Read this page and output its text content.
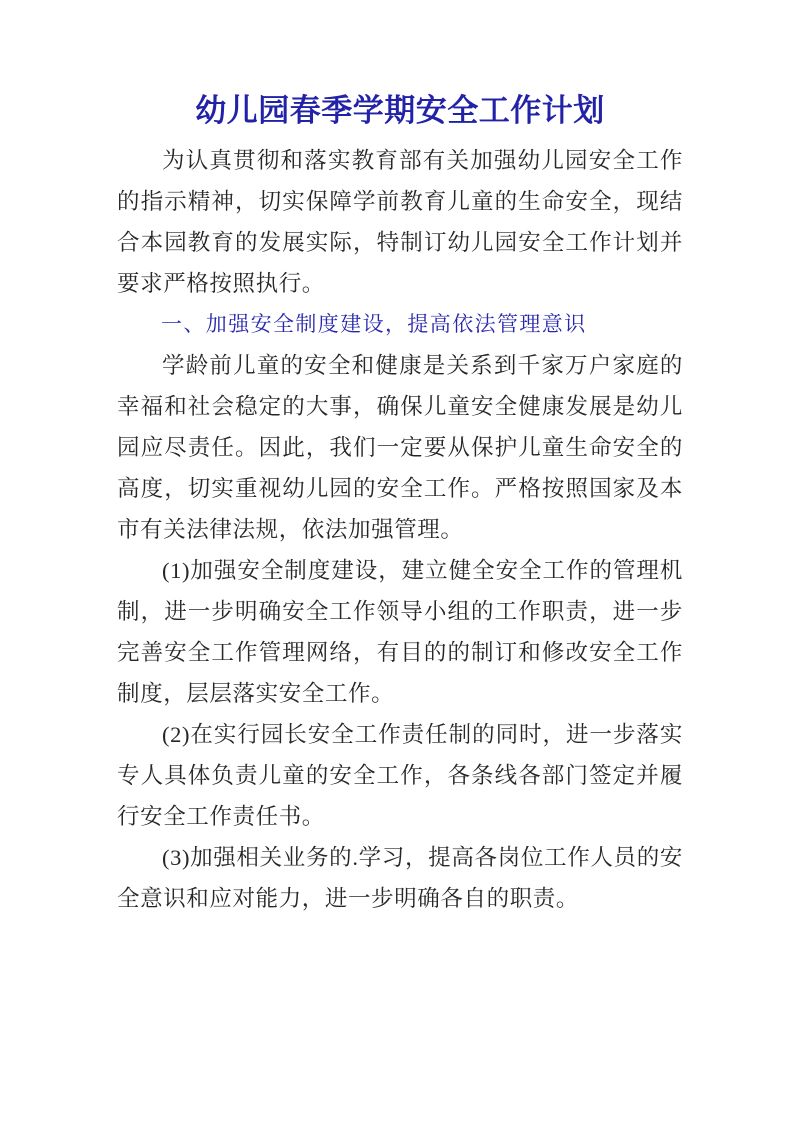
幼儿园春季学期安全工作计划

为认真贯彻和落实教育部有关加强幼儿园安全工作的指示精神，切实保障学前教育儿童的生命安全，现结合本园教育的发展实际，特制订幼儿园安全工作计划并要求严格按照执行。

一、加强安全制度建设，提高依法管理意识

学龄前儿童的安全和健康是关系到千家万户家庭的幸福和社会稳定的大事，确保儿童安全健康发展是幼儿园应尽责任。因此，我们一定要从保护儿童生命安全的高度，切实重视幼儿园的安全工作。严格按照国家及本市有关法律法规，依法加强管理。

(1)加强安全制度建设，建立健全安全工作的管理机制，进一步明确安全工作领导小组的工作职责，进一步完善安全工作管理网络，有目的的制订和修改安全工作制度，层层落实安全工作。

(2)在实行园长安全工作责任制的同时，进一步落实专人具体负责儿童的安全工作，各条线各部门签定并履行安全工作责任书。

(3)加强相关业务的.学习，提高各岗位工作人员的安全意识和应对能力，进一步明确各自的职责。
